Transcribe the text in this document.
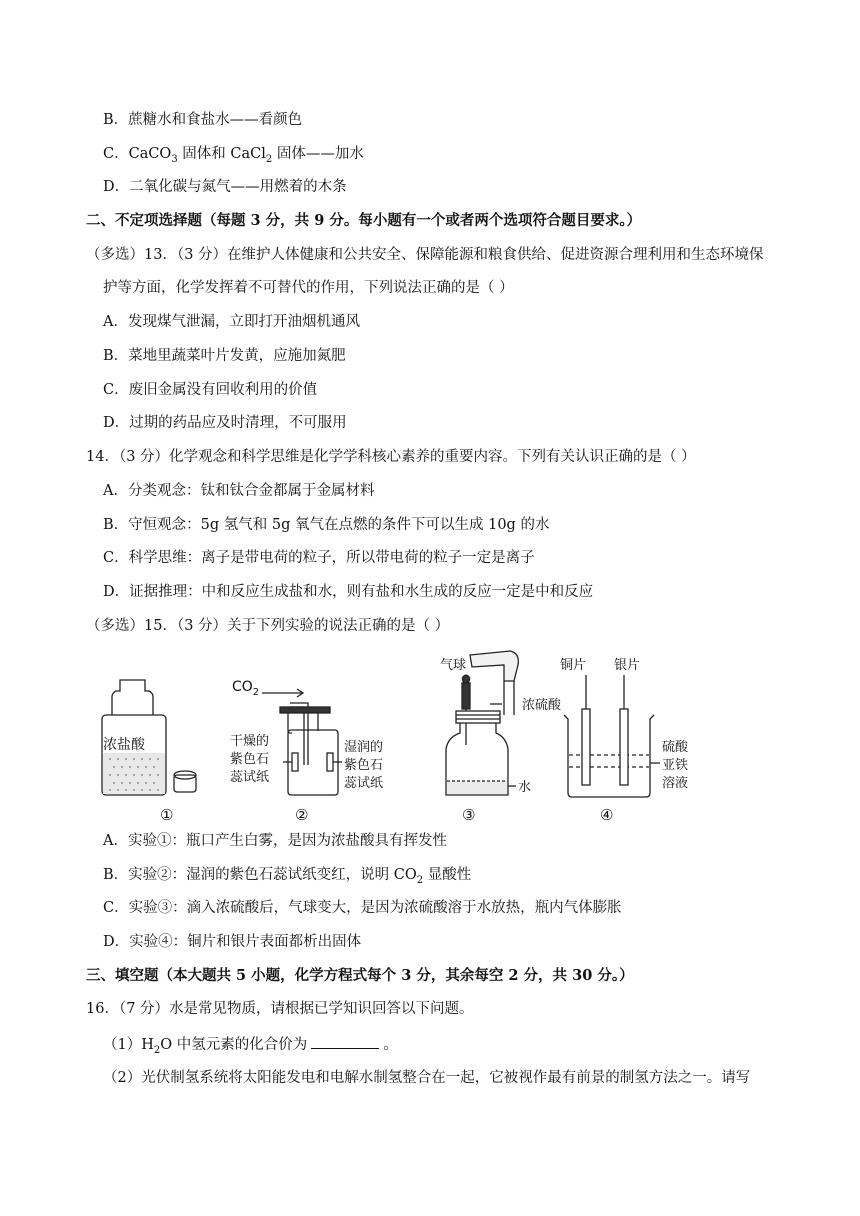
B．蔗糖水和食盐水——看颜色
C．CaCO$_3$ 固体和 CaCl$_2$ 固体——加水
D．二氧化碳与氮气——用燃着的木条
二、不定项选择题（每题 3 分，共 9 分。每小题有一个或者两个选项符合题目要求。）
（多选）13．（3 分）在维护人体健康和公共安全、保障能源和粮食供给、促进资源合理利用和生态环境保
护等方面，化学发挥着不可替代的作用，下列说法正确的是（ ）
A．发现煤气泄漏，立即打开油烟机通风
B．菜地里蔬菜叶片发黄，应施加氮肥
C．废旧金属没有回收利用的价值
D．过期的药品应及时清理，不可服用
14．（3 分）化学观念和科学思维是化学学科核心素养的重要内容。下列有关认识正确的是（ ）
A．分类观念：钛和钛合金都属于金属材料
B．守恒观念：5g 氢气和 5g 氧气在点燃的条件下可以生成 10g 的水
C．科学思维：离子是带电荷的粒子，所以带电荷的粒子一定是离子
D．证据推理：中和反应生成盐和水，则有盐和水生成的反应一定是中和反应
（多选）15．（3 分）关于下列实验的说法正确的是（ ）
浓盐酸
①
$CO_2$
干燥的
紫色石
蕊试纸
湿润的
紫色石
蕊试纸
②
气球
浓硫酸
水
③
铜片 银片
硫酸
亚铁
溶液
④
A．实验①：瓶口产生白雾，是因为浓盐酸具有挥发性
B．实验②：湿润的紫色石蕊试纸变红，说明 $CO_2$ 显酸性
C．实验③：滴入浓硫酸后，气球变大，是因为浓硫酸溶于水放热，瓶内气体膨胀
D．实验④：铜片和银片表面都析出固体
三、填空题（本大题共 5 小题，化学方程式每个 3 分，其余每空 2 分，共 30 分。）
16．（7 分）水是常见物质，请根据已学知识回答以下问题。
$(1)H_2O$ 中氢元素的化合价为	。
（2）光伏制氢系统将太阳能发电和电解水制氢整合在一起，它被视作最有前景的制氢方法之一。请写
